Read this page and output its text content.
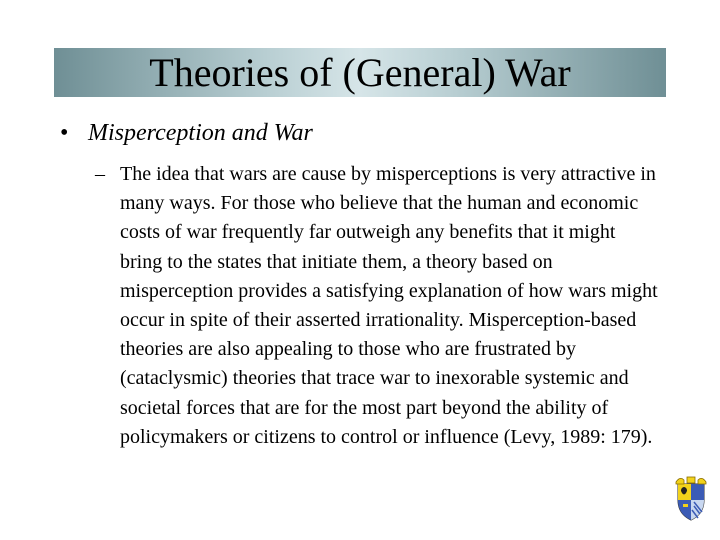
Theories of (General) War
• Misperception and War
– The idea that wars are cause by misperceptions is very attractive in many ways. For those who believe that the human and economic costs of war frequently far outweigh any benefits that it might bring to the states that initiate them, a theory based on misperception provides a satisfying explanation of how wars might occur in spite of their asserted irrationality. Misperception-based theories are also appealing to those who are frustrated by (cataclysmic) theories that trace war to inexorable systemic and societal forces that are for the most part beyond the ability of policymakers or citizens to control or influence (Levy, 1989: 179).
